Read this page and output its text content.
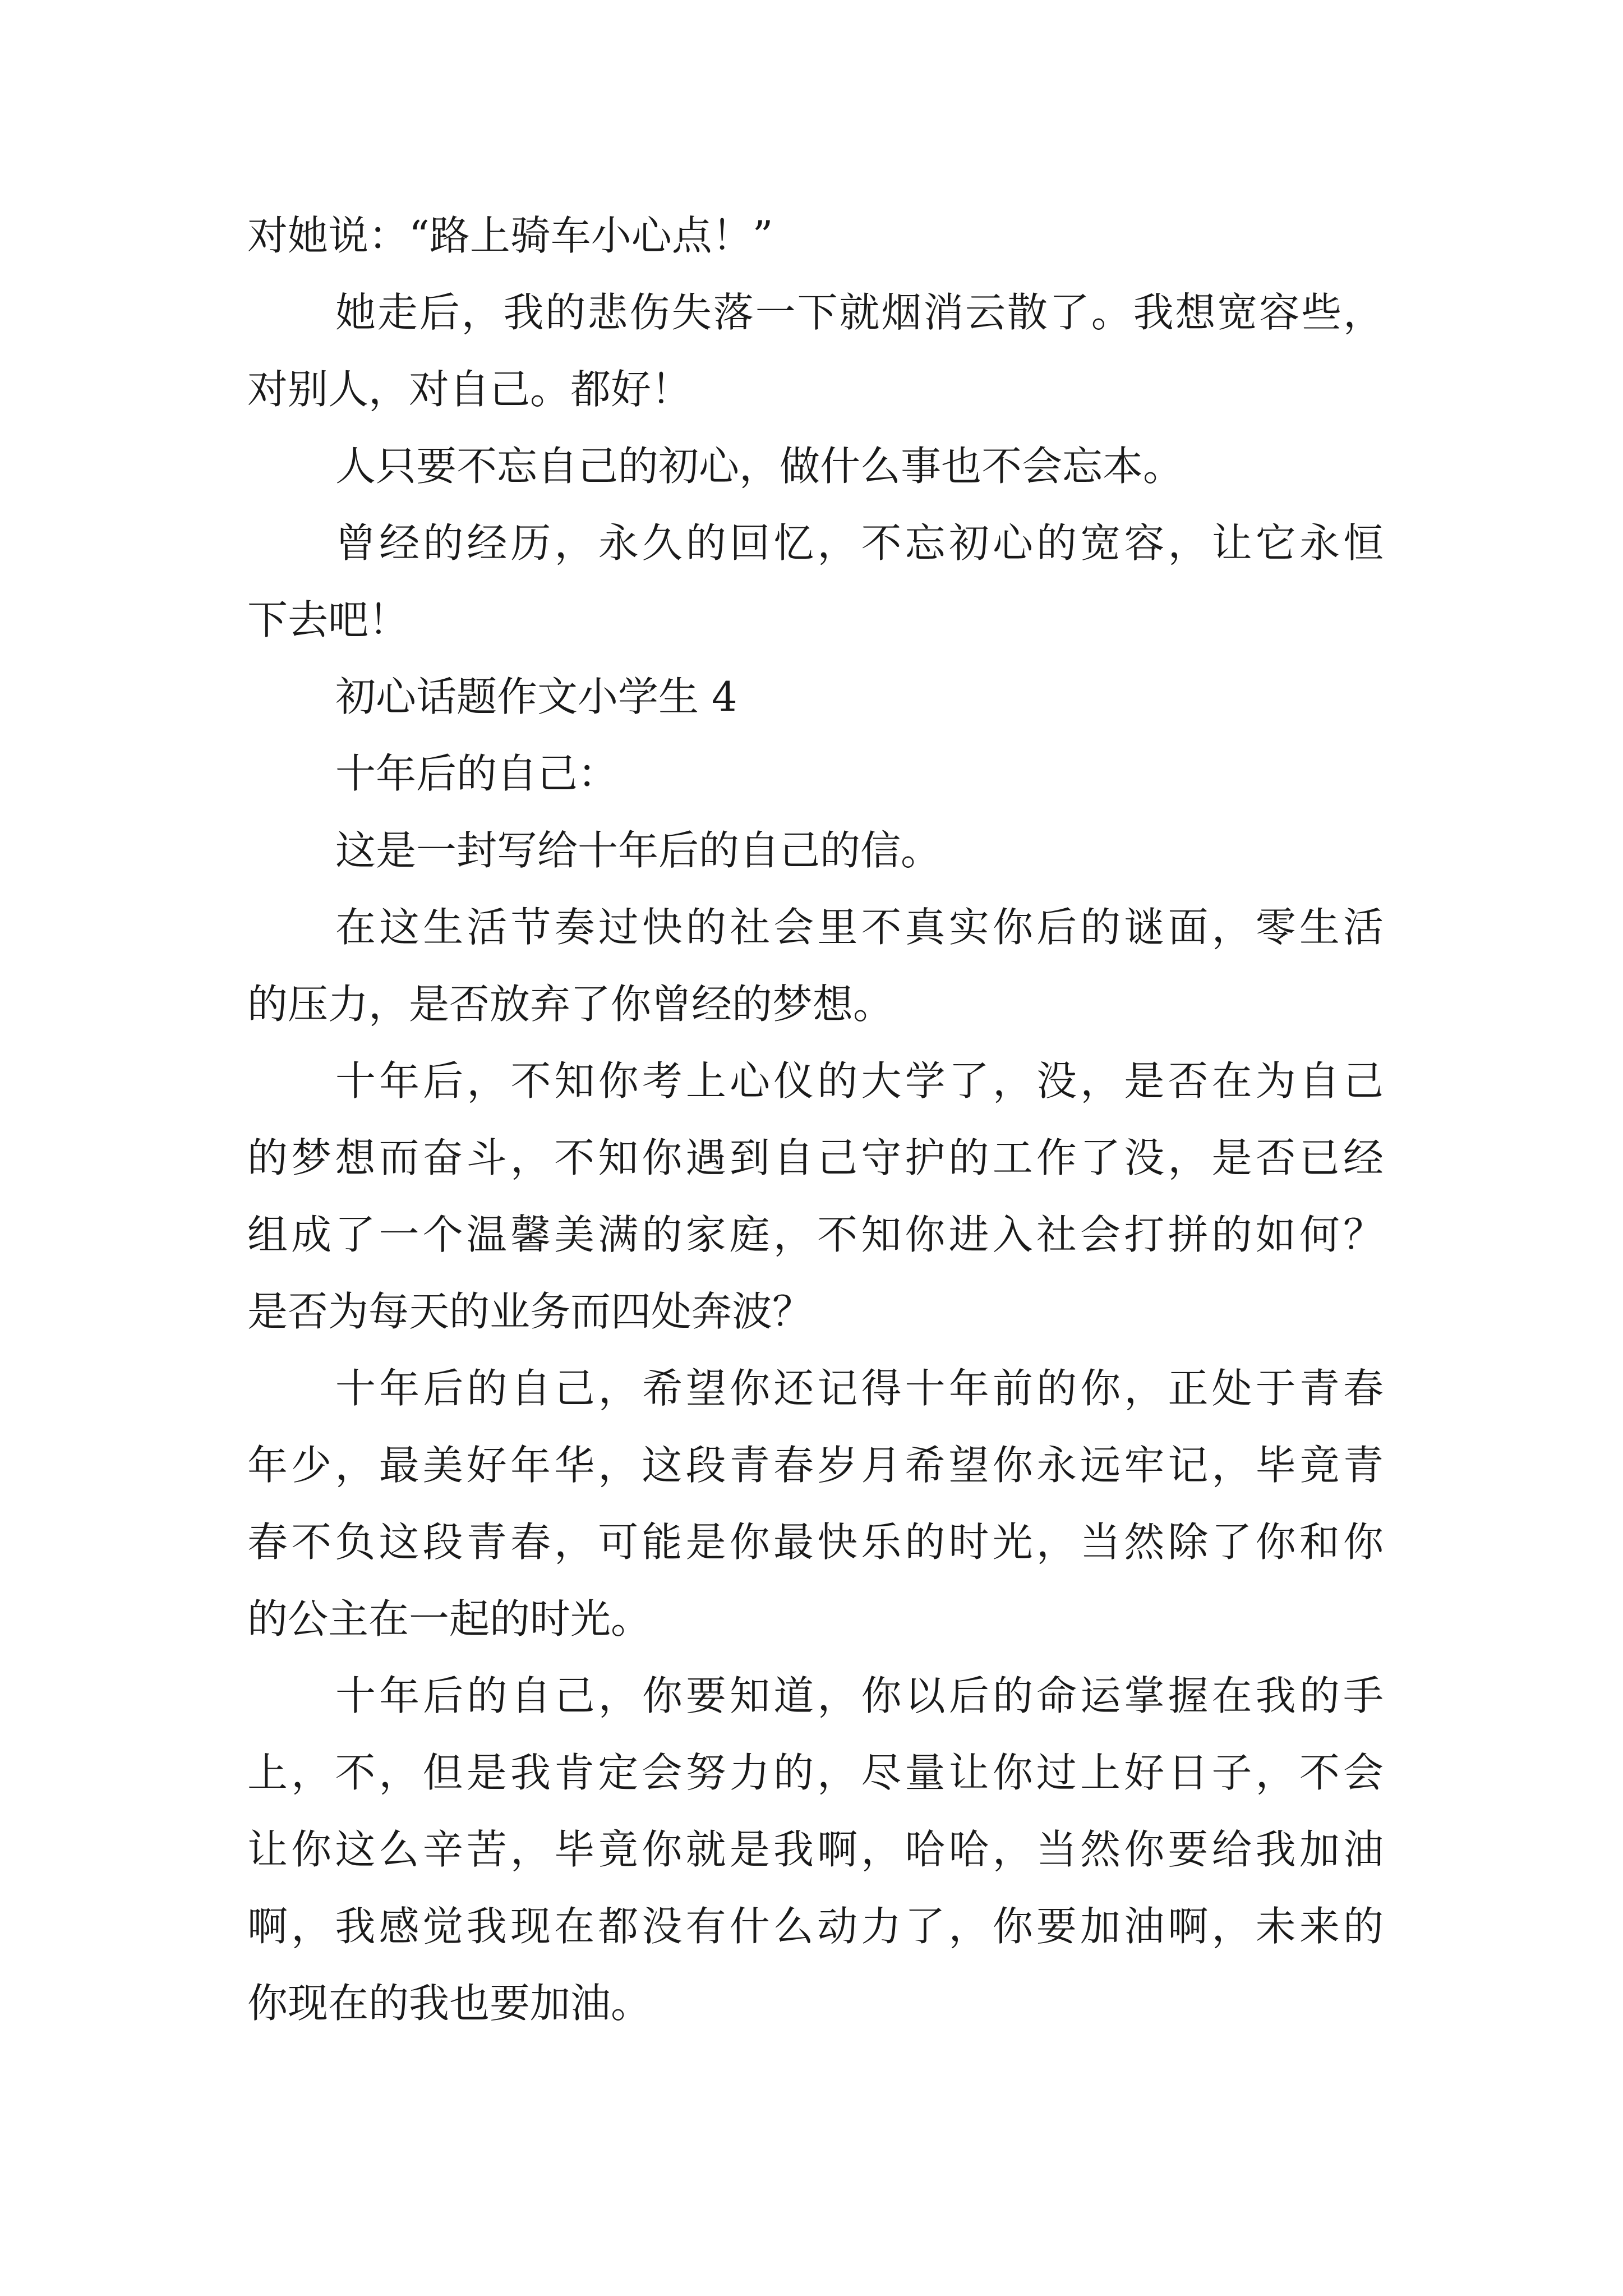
对她说：“路上骑车小心点！”
她走后，我的悲伤失落一下就烟消云散了。我想宽容些，
对别人，对自己。都好！
人只要不忘自己的初心，做什么事也不会忘本。
曾经的经历，永久的回忆，不忘初心的宽容，让它永恒
下去吧！
初心话题作文小学生 4
十年后的自己：
这是一封写给十年后的自己的信。
在这生活节奏过快的社会里不真实你后的谜面，零生活
的压力，是否放弃了你曾经的梦想。
十年后，不知你考上心仪的大学了，没，是否在为自己
的梦想而奋斗，不知你遇到自己守护的工作了没，是否已经
组成了一个温馨美满的家庭，不知你进入社会打拼的如何？
是否为每天的业务而四处奔波？
十年后的自己，希望你还记得十年前的你，正处于青春
年少，最美好年华，这段青春岁月希望你永远牢记，毕竟青
春不负这段青春，可能是你最快乐的时光，当然除了你和你
的公主在一起的时光。
十年后的自己，你要知道，你以后的命运掌握在我的手
上，不，但是我肯定会努力的，尽量让你过上好日子，不会
让你这么辛苦，毕竟你就是我啊，哈哈，当然你要给我加油
啊，我感觉我现在都没有什么动力了，你要加油啊，未来的
你现在的我也要加油。
